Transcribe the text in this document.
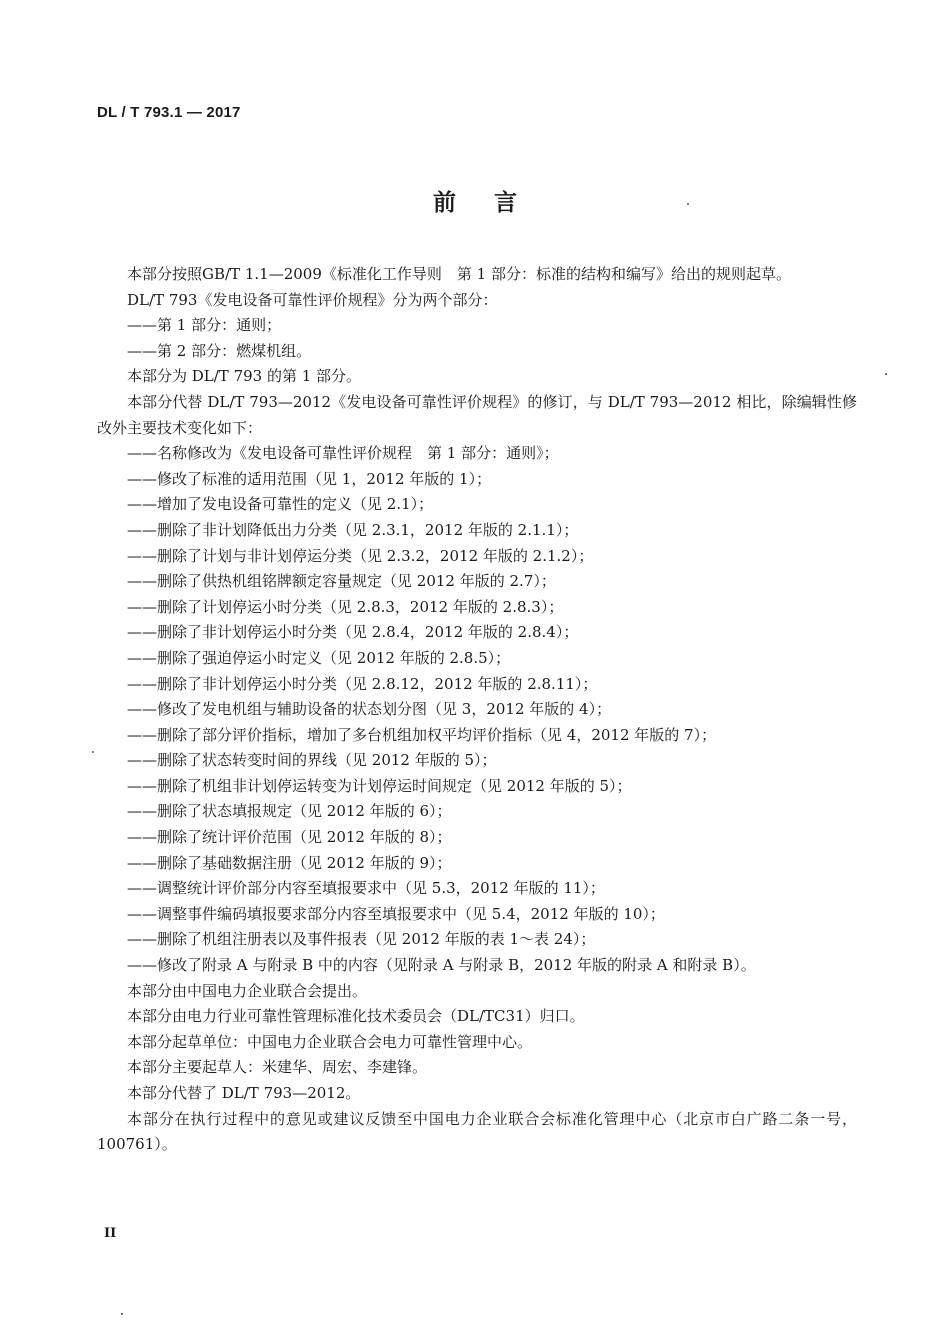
DL / T 793.1 — 2017
前言

本部分按照GB/T 1.1—2009《标准化工作导则　第 1 部分：标准的结构和编写》给出的规则起草。

DL/T 793《发电设备可靠性评价规程》分为两个部分：

——第 1 部分：通则；

——第 2 部分：燃煤机组。

本部分为 DL/T 793 的第 1 部分。

本部分代替 DL/T 793—2012《发电设备可靠性评价规程》的修订，与 DL/T 793—2012 相比，除编辑性修改外主要技术变化如下：

——名称修改为《发电设备可靠性评价规程　第 1 部分：通则》；

——修改了标准的适用范围（见 1，2012 年版的 1）；

——增加了发电设备可靠性的定义（见 2.1）；

——删除了非计划降低出力分类（见 2.3.1，2012 年版的 2.1.1）；

——删除了计划与非计划停运分类（见 2.3.2，2012 年版的 2.1.2）；

——删除了供热机组铭牌额定容量规定（见 2012 年版的 2.7）；

——删除了计划停运小时分类（见 2.8.3，2012 年版的 2.8.3）；

——删除了非计划停运小时分类（见 2.8.4，2012 年版的 2.8.4）；

——删除了强迫停运小时定义（见 2012 年版的 2.8.5）；

——删除了非计划停运小时分类（见 2.8.12，2012 年版的 2.8.11）；

——修改了发电机组与辅助设备的状态划分图（见 3，2012 年版的 4）；

——删除了部分评价指标，增加了多台机组加权平均评价指标（见 4，2012 年版的 7）；

——删除了状态转变时间的界线（见 2012 年版的 5）；

——删除了机组非计划停运转变为计划停运时间规定（见 2012 年版的 5）；

——删除了状态填报规定（见 2012 年版的 6）；

——删除了统计评价范围（见 2012 年版的 8）；

——删除了基础数据注册（见 2012 年版的 9）；

——调整统计评价部分内容至填报要求中（见 5.3，2012 年版的 11）；

——调整事件编码填报要求部分内容至填报要求中（见 5.4，2012 年版的 10）；

——删除了机组注册表以及事件报表（见 2012 年版的表 1～表 24）；

——修改了附录 A 与附录 B 中的内容（见附录 A 与附录 B，2012 年版的附录 A 和附录 B）。

本部分由中国电力企业联合会提出。

本部分由电力行业可靠性管理标准化技术委员会（DL/TC31）归口。

本部分起草单位：中国电力企业联合会电力可靠性管理中心。

本部分主要起草人：米建华、周宏、李建锋。

本部分代替了 DL/T 793—2012。

本部分在执行过程中的意见或建议反馈至中国电力企业联合会标准化管理中心（北京市白广路二条一号，100761）。

II
